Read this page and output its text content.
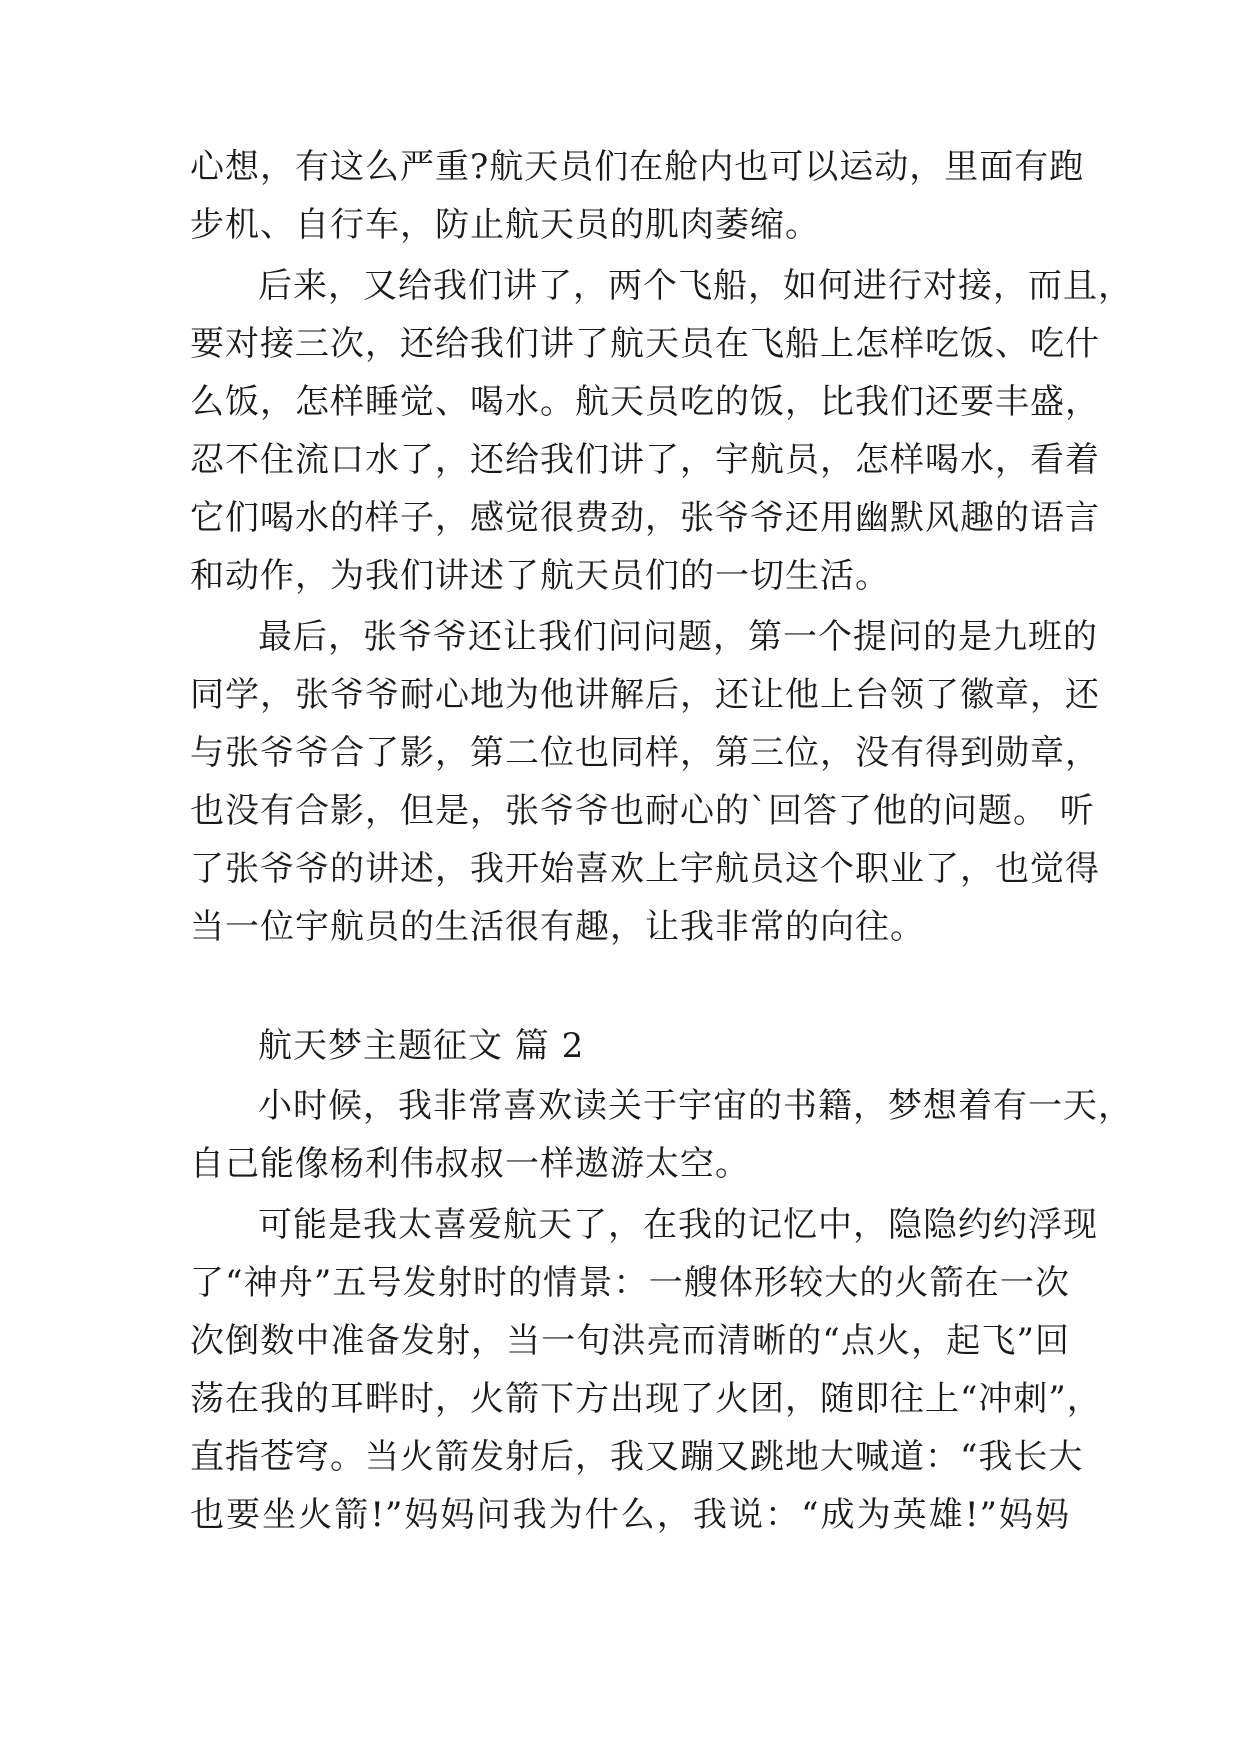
心想，有这么严重?航天员们在舱内也可以运动，里面有跑
步机、自行车，防止航天员的肌肉萎缩。
后来，又给我们讲了，两个飞船，如何进行对接，而且，
要对接三次，还给我们讲了航天员在飞船上怎样吃饭、吃什
么饭，怎样睡觉、喝水。航天员吃的饭，比我们还要丰盛，
忍不住流口水了，还给我们讲了，宇航员，怎样喝水，看着
它们喝水的样子，感觉很费劲，张爷爷还用幽默风趣的语言
和动作，为我们讲述了航天员们的一切生活。
最后，张爷爷还让我们问问题，第一个提问的是九班的
同学，张爷爷耐心地为他讲解后，还让他上台领了徽章，还
与张爷爷合了影，第二位也同样，第三位，没有得到勋章，
也没有合影，但是，张爷爷也耐心的`回答了他的问题。 听
了张爷爷的讲述，我开始喜欢上宇航员这个职业了，也觉得
当一位宇航员的生活很有趣，让我非常的向往。
航天梦主题征文 篇 2
小时候，我非常喜欢读关于宇宙的书籍，梦想着有一天，
自己能像杨利伟叔叔一样遨游太空。
可能是我太喜爱航天了，在我的记忆中，隐隐约约浮现
了“神舟”五号发射时的情景：一艘体形较大的火箭在一次
次倒数中准备发射，当一句洪亮而清晰的“点火，起飞”回
荡在我的耳畔时，火箭下方出现了火团，随即往上“冲刺”，
直指苍穹。当火箭发射后，我又蹦又跳地大喊道：“我长大
也要坐火箭!”妈妈问我为什么，我说：“成为英雄!”妈妈
